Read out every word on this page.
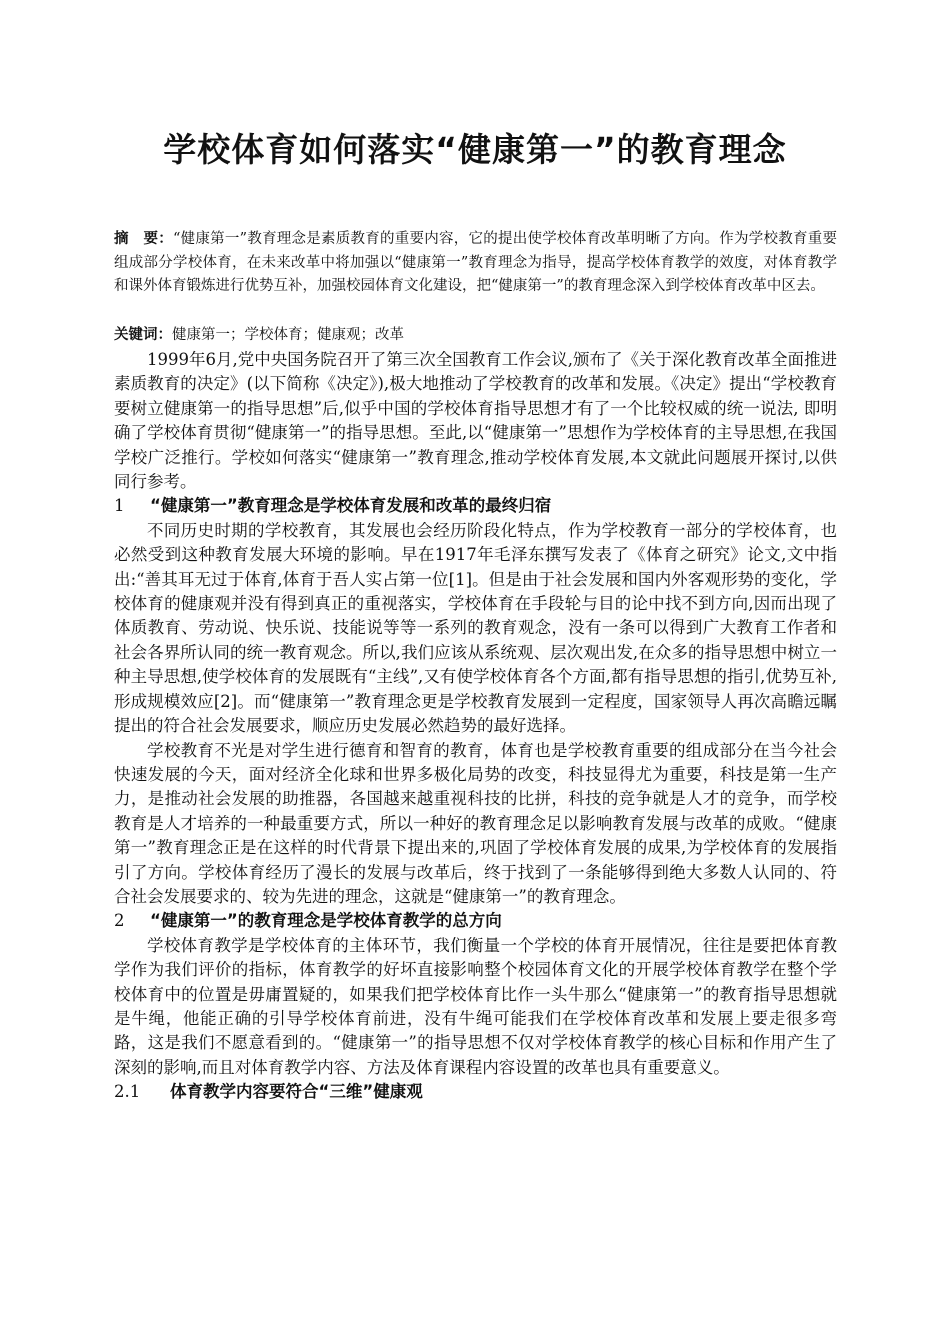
学校体育如何落实“健康第一”的教育理念
摘　要：“健康第一”教育理念是素质教育的重要内容，它的提出使学校体育改革明晰了方向。作为学校教育重要组成部分学校体育，在未来改革中将加强以“健康第一”教育理念为指导，提高学校体育教学的效度，对体育教学和课外体育锻炼进行优势互补，加强校园体育文化建设，把“健康第一”的教育理念深入到学校体育改革中区去。
关键词：健康第一；学校体育；健康观；改革

1999年6月,党中央国务院召开了第三次全国教育工作会议,颁布了《关于深化教育改革全面推进素质教育的决定》(以下简称《决定》),极大地推动了学校教育的改革和发展。《决定》提出“学校教育要树立健康第一的指导思想”后,似乎中国的学校体育指导思想才有了一个比较权威的统一说法, 即明确了学校体育贯彻“健康第一”的指导思想。至此,以“健康第一”思想作为学校体育的主导思想,在我国学校广泛推行。学校如何落实“健康第一”教育理念,推动学校体育发展,本文就此问题展开探讨,以供同行参考。

1 “健康第一”教育理念是学校体育发展和改革的最终归宿

不同历史时期的学校教育，其发展也会经历阶段化特点，作为学校教育一部分的学校体育，也必然受到这种教育发展大环境的影响。早在1917年毛泽东撰写发表了《体育之研究》论文,文中指出:“善其耳无过于体育,体育于吾人实占第一位[1]。但是由于社会发展和国内外客观形势的变化，学校体育的健康观并没有得到真正的重视落实，学校体育在手段轮与目的论中找不到方向,因而出现了体质教育、劳动说、快乐说、技能说等等一系列的教育观念，没有一条可以得到广大教育工作者和社会各界所认同的统一教育观念。所以,我们应该从系统观、层次观出发,在众多的指导思想中树立一种主导思想,使学校体育的发展既有“主线”,又有使学校体育各个方面,都有指导思想的指引,优势互补,形成规模效应[2]。而“健康第一”教育理念更是学校教育发展到一定程度，国家领导人再次高瞻远瞩提出的符合社会发展要求，顺应历史发展必然趋势的最好选择。

学校教育不光是对学生进行德育和智育的教育，体育也是学校教育重要的组成部分在当今社会快速发展的今天，面对经济全化球和世界多极化局势的改变，科技显得尤为重要，科技是第一生产力，是推动社会发展的助推器，各国越来越重视科技的比拼，科技的竞争就是人才的竞争，而学校教育是人才培养的一种最重要方式，所以一种好的教育理念足以影响教育发展与改革的成败。“健康第一”教育理念正是在这样的时代背景下提出来的,巩固了学校体育发展的成果,为学校体育的发展指引了方向。学校体育经历了漫长的发展与改革后，终于找到了一条能够得到绝大多数人认同的、符合社会发展要求的、较为先进的理念，这就是“健康第一”的教育理念。

2 “健康第一”的教育理念是学校体育教学的总方向

学校体育教学是学校体育的主体环节，我们衡量一个学校的体育开展情况，往往是要把体育教学作为我们评价的指标，体育教学的好坏直接影响整个校园体育文化的开展学校体育教学在整个学校体育中的位置是毋庸置疑的，如果我们把学校体育比作一头牛那么“健康第一”的教育指导思想就是牛绳，他能正确的引导学校体育前进，没有牛绳可能我们在学校体育改革和发展上要走很多弯路，这是我们不愿意看到的。“健康第一”的指导思想不仅对学校体育教学的核心目标和作用产生了深刻的影响,而且对体育教学内容、方法及体育课程内容设置的改革也具有重要意义。

2.1 体育教学内容要符合“三维”健康观
